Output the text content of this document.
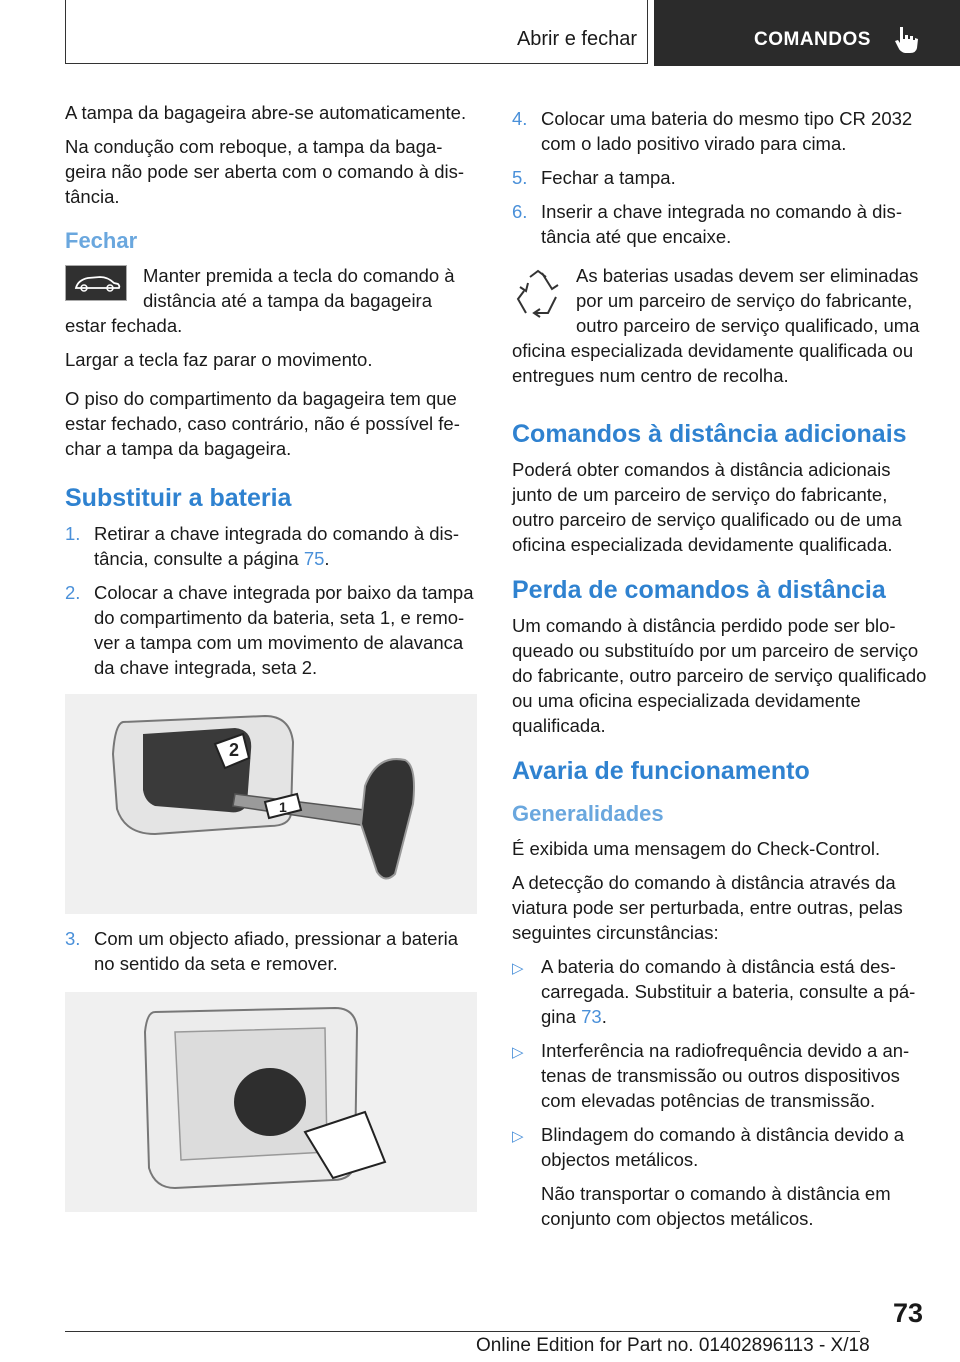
Abrir e fechar	COMANDOS

A tampa da bagageira abre-se automaticamente.

Na condução com reboque, a tampa da bagageira não pode ser aberta com o comando à distância.

Fechar

Manter premida a tecla do comando à distância até a tampa da bagageira estar fechada.

Largar a tecla faz parar o movimento.

O piso do compartimento da bagageira tem que estar fechado, caso contrário, não é possível fechar a tampa da bagageira.

Substituir a bateria
1. Retirar a chave integrada do comando à distância, consulte a página 75.
2. Colocar a chave integrada por baixo da tampa do compartimento da bateria, seta 1, e remover a tampa com um movimento de alavanca da chave integrada, seta 2.
2
1
3. Com um objecto afiado, pressionar a bateria no sentido da seta e remover.
4. Colocar uma bateria do mesmo tipo CR 2032 com o lado positivo virado para cima.
5. Fechar a tampa.
6. Inserir a chave integrada no comando à distância até que encaixe.

As baterias usadas devem ser eliminadas por um parceiro de serviço do fabricante, outro parceiro de serviço qualificado, uma oficina especializada devidamente qualificada ou entregues num centro de recolha.

Comandos à distância adicionais

Poderá obter comandos à distância adicionais junto de um parceiro de serviço do fabricante, outro parceiro de serviço qualificado ou de uma oficina especializada devidamente qualificada.

Perda de comandos à distância

Um comando à distância perdido pode ser bloqueado ou substituído por um parceiro de serviço do fabricante, outro parceiro de serviço qualificado ou uma oficina especializada devidamente qualificada.

Avaria de funcionamento
Generalidades

É exibida uma mensagem do Check-Control.

A detecção do comando à distância através da viatura pode ser perturbada, entre outras, pelas seguintes circunstâncias:

▷ A bateria do comando à distância está descarregada. Substituir a bateria, consulte a página 73.
▷ Interferência na radiofrequência devido a antenas de transmissão ou outros dispositivos com elevadas potências de transmissão.
▷ Blindagem do comando à distância devido a objectos metálicos.
Não transportar o comando à distância em conjunto com objectos metálicos.
73
Online Edition for Part no. 01402896113 - X/18
